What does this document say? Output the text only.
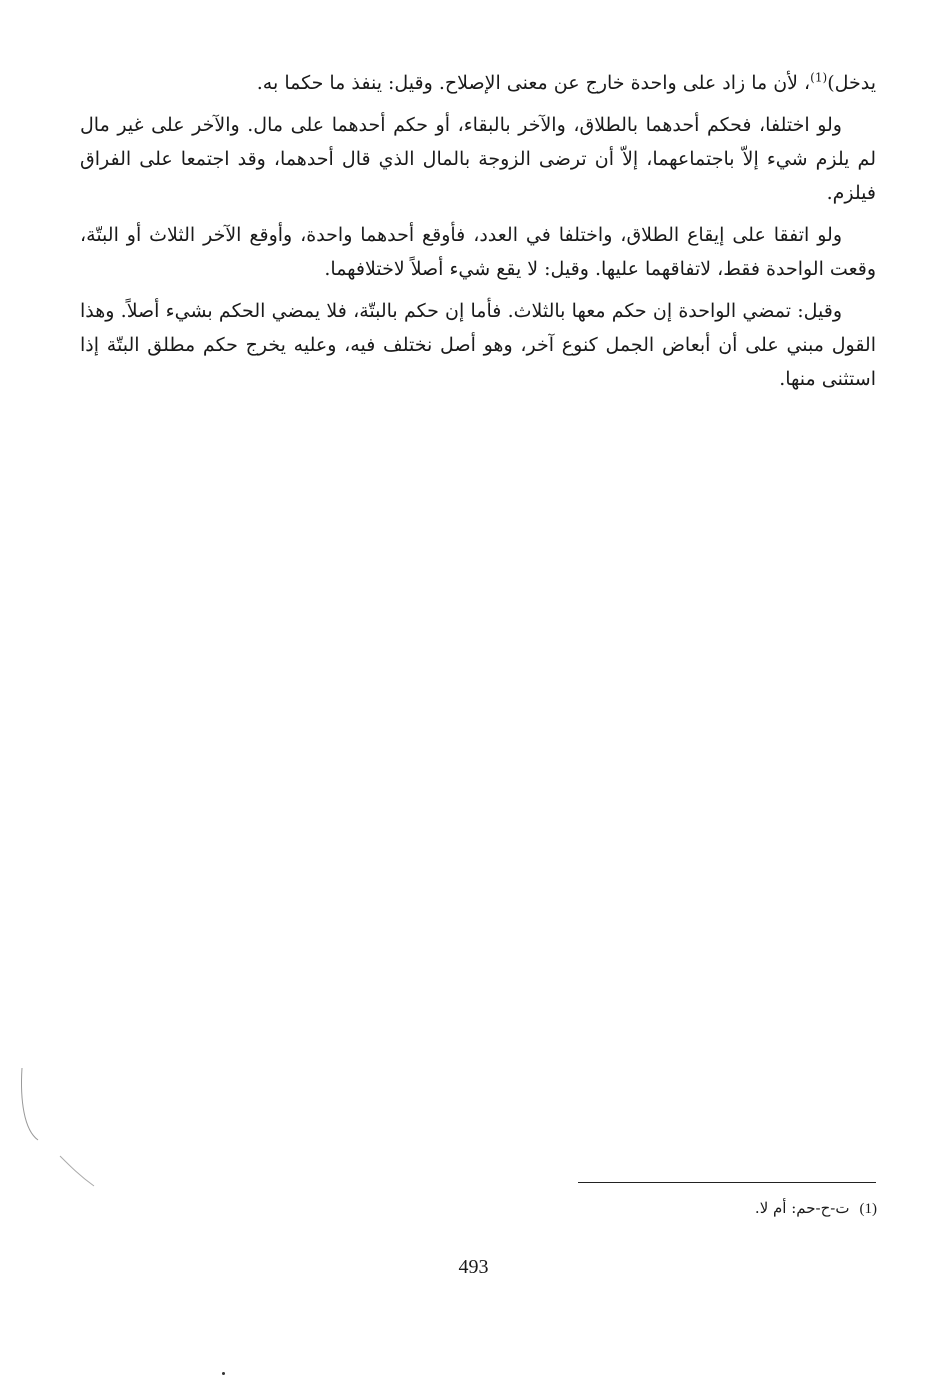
يدخل)$^{(1)}$، لأن ما زاد على واحدة خارج عن معنى الإصلاح. وقيل: ينفذ ما حكما به.

ولو اختلفا، فحكم أحدهما بالطلاق، والآخر بالبقاء، أو حكم أحدهما على مال. والآخر على غير مال لم يلزم شيء إلاّ باجتماعهما، إلاّ أن ترضى الزوجة بالمال الذي قال أحدهما، وقد اجتمعا على الفراق فيلزم.

ولو اتفقا على إيقاع الطلاق، واختلفا في العدد، فأوقع أحدهما واحدة، وأوقع الآخر الثلاث أو البتّة، وقعت الواحدة فقط، لاتفاقهما عليها. وقيل: لا يقع شيء أصلاً لاختلافهما.

وقيل: تمضي الواحدة إن حكم معها بالثلاث. فأما إن حكم بالبتّة، فلا يمضي الحكم بشيء أصلاً. وهذا القول مبني على أن أبعاض الجمل كنوع آخر، وهو أصل نختلف فيه، وعليه يخرج حكم مطلق البتّة إذا استثنى منها.

(1)ت-ح-حم: أم لا.
493
